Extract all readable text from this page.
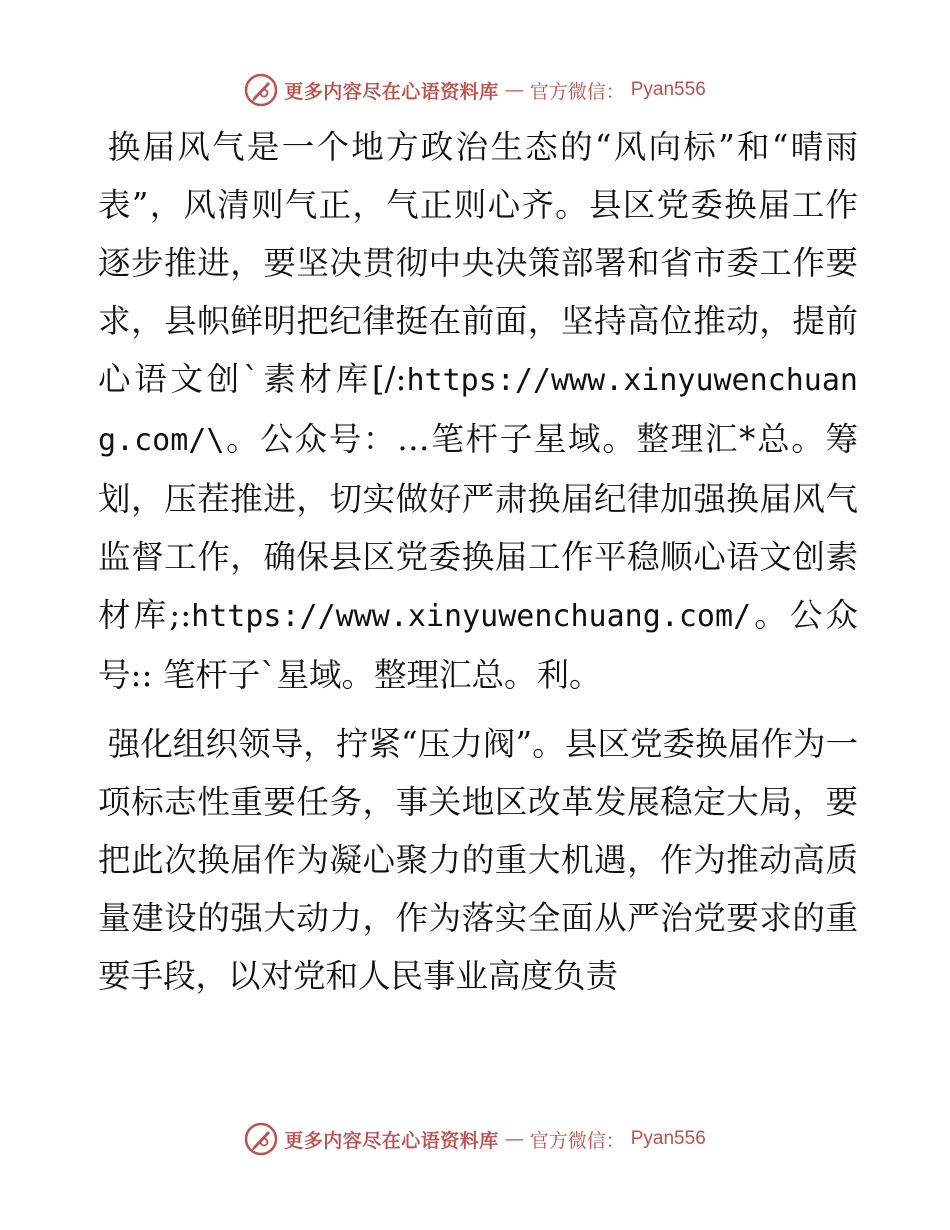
更多内容尽在心语资料库 — 官方微信： Pyan556

换届风气是一个地方政治生态的“风向标”和“晴雨表”，风清则气正，气正则心齐。县区党委换届工作逐步推进，要坚决贯彻中央决策部署和省市委工作要求，县帜鲜明把纪律挺在前面，坚持高位推动，提前心语文创`素材库[/:https://www.xinyuwenchuang.com/\。公众号：…笔杆子星域。整理汇*总。筹划，压茬推进，切实做好严肃换届纪律加强换届风气监督工作，确保县区党委换届工作平稳顺心语文创素材库;:https://www.xinyuwenchuang.com/。公众号:: 笔杆子`星域。整理汇总。利。

强化组织领导，拧紧“压力阀”。县区党委换届作为一项标志性重要任务，事关地区改革发展稳定大局，要把此次换届作为凝心聚力的重大机遇，作为推动高质量建设的强大动力，作为落实全面从严治党要求的重要手段，以对党和人民事业高度负责

更多内容尽在心语资料库 — 官方微信： Pyan556
